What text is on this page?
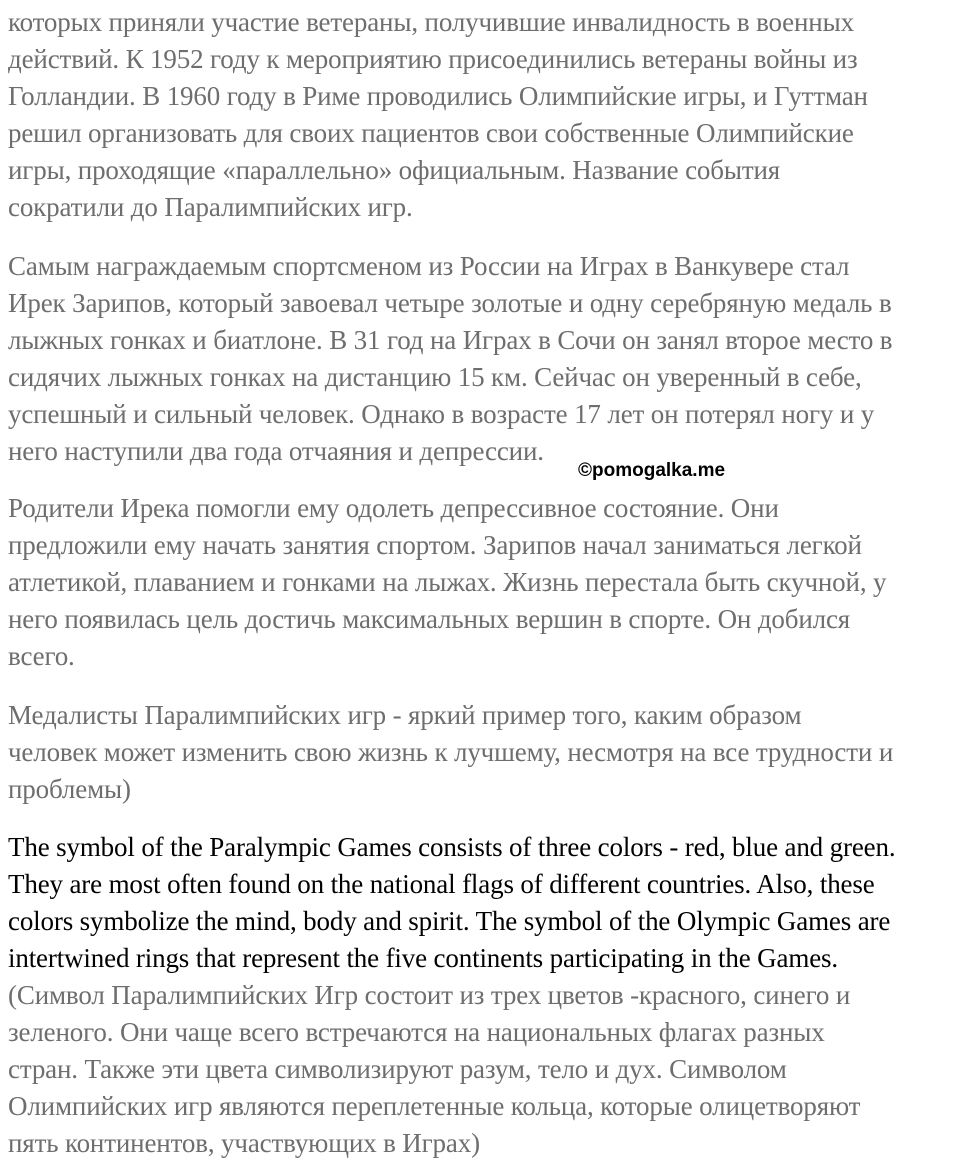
которых приняли участие ветераны, получившие инвалидность в военных
действий. К 1952 году к мероприятию присоединились ветераны войны из
Голландии. В 1960 году в Риме проводились Олимпийские игры, и Гуттман
решил организовать для своих пациентов свои собственные Олимпийские
игры, проходящие «параллельно» официальным. Название события
сократили до Паралимпийских игр.
Самым награждаемым спортсменом из России на Играх в Ванкувере стал
Ирек Зарипов, который завоевал четыре золотые и одну серебряную медаль в
лыжных гонках и биатлоне. В 31 год на Играх в Сочи он занял второе место в
сидячих лыжных гонках на дистанцию 15 км. Сейчас он уверенный в себе,
успешный и сильный человек. Однако в возрасте 17 лет он потерял ногу и у
него наступили два года отчаяния и депрессии.
Родители Ирека помогли ему одолеть депрессивное состояние. Они
предложили ему начать занятия спортом. Зарипов начал заниматься легкой
атлетикой, плаванием и гонками на лыжах. Жизнь перестала быть скучной, у
него появилась цель достичь максимальных вершин в спорте. Он добился
всего.
Медалисты Паралимпийских игр - яркий пример того, каким образом
человек может изменить свою жизнь к лучшему, несмотря на все трудности и
проблемы)
The symbol of the Paralympic Games consists of three colors - red, blue and green.
They are most often found on the national flags of different countries. Also, these
colors symbolize the mind, body and spirit. The symbol of the Olympic Games are
intertwined rings that represent the five continents participating in the Games.
(Символ Паралимпийских Игр состоит из трех цветов -красного, синего и
зеленого. Они чаще всего встречаются на национальных флагах разных
стран. Также эти цвета символизируют разум, тело и дух. Символом
Олимпийских игр являются переплетенные кольца, которые олицетворяют
пять континентов, участвующих в Играх)
©pomogalka.me
